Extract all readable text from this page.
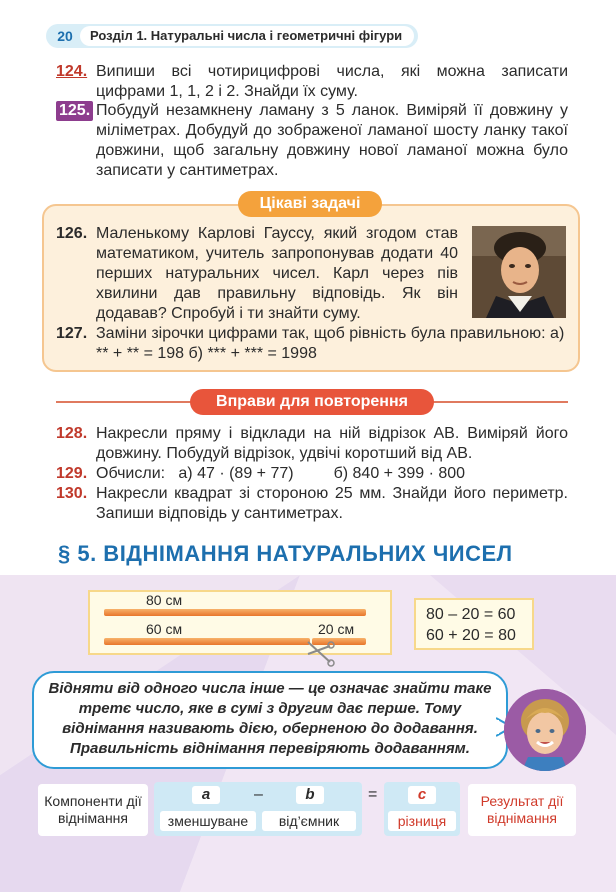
20	Розділ 1. Натуральні числа і геометричні фігури
124. Випиши всі чотирицифрові числа, які можна записати цифрами 1, 1, 2 і 2. Знайди їх суму.
125. Побудуй незамкнену ламану з 5 ланок. Виміряй її довжину у міліметрах. Добудуй до зображеної ламаної шосту ланку такої довжини, щоб загальну довжину нової ламаної можна було записати у сантиметрах.
Цікаві задачі
126. Маленькому Карлові Гауссу, який згодом став математиком, учитель запропонував додати 40 перших натуральних чисел. Карл через пів хвилини дав правильну відповідь. Як він додавав? Спробуй і ти знайти суму.
127. Заміни зірочки цифрами так, щоб рівність була правильною: а) ** + ** = 198 б) *** + *** = 1998
Вправи для повторення
128. Накресли пряму і відклади на ній відрізок AB. Виміряй його довжину. Побудуй відрізок, удвічі коротший від AB.
129. Обчисли:   а) 47 · (89 + 77)         б) 840 + 399 · 800
130. Накресли квадрат зі стороною 25 мм. Знайди його периметр. Запиши відповідь у сантиметрах.
§ 5. ВІДНІМАННЯ НАТУРАЛЬНИХ ЧИСЕЛ
80 см
60 см	20 см
80 – 20 = 60
60 + 20 = 80
Відняти від одного числа інше — це означає знайти таке третє число, яке в сумі з другим дає перше. Тому віднімання називають дією, оберненою до додавання. Правильність віднімання перевіряють додаванням.
Компоненти дії віднімання
a	–	b
зменшуване	від’ємник
=	c
різниця
Результат дії віднімання
